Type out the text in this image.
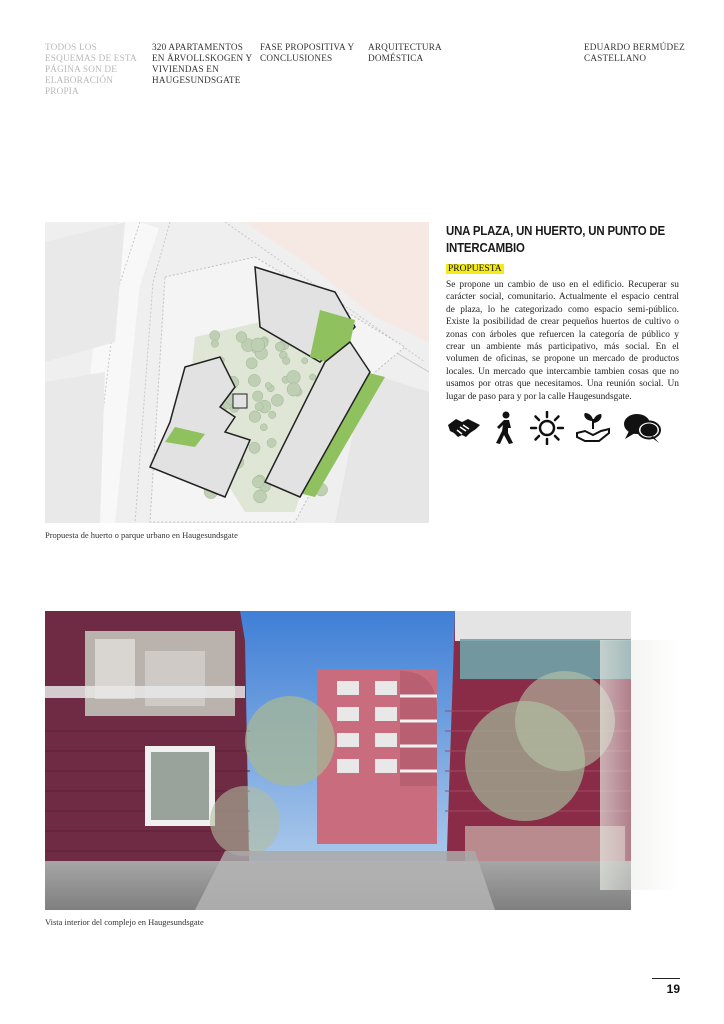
TODOS LOS ESQUEMAS DE ESTA PÁGINA SON DE ELABORACIÓN PROPIA
320 APARTAMENTOS EN ÅRVOLLSKOGEN Y VIVIENDAS EN HAUGESUNDSGATE
FASE PROPOSITIVA Y CONCLUSIONES
ARQUITECTURA DOMÉSTICA
EDUARDO BERMÚDEZ CASTELLANO
Propuesta de huerto o parque urbano en Haugesundsgate
UNA PLAZA, UN HUERTO, UN PUNTO DE INTERCAMBIO
PROPUESTA
Se propone un cambio de uso en el edificio. Recuperar su carácter social, comunitario. Actualmente el espacio central de plaza, lo he categorizado como espacio semi-público. Existe la posibilidad de crear pequeños huertos de cultivo o zonas con árboles que refuercen la categoría de público y crear un ambiente más participativo, más social. En el volumen de oficinas, se propone un mercado de productos locales. Un mercado que intercambie tambien cosas que no usamos por otras que necesitamos. Una reunión social. Un lugar de paso para y por la calle Haugesundsgate.
Vista interior del complejo en Haugesundsgate
19
